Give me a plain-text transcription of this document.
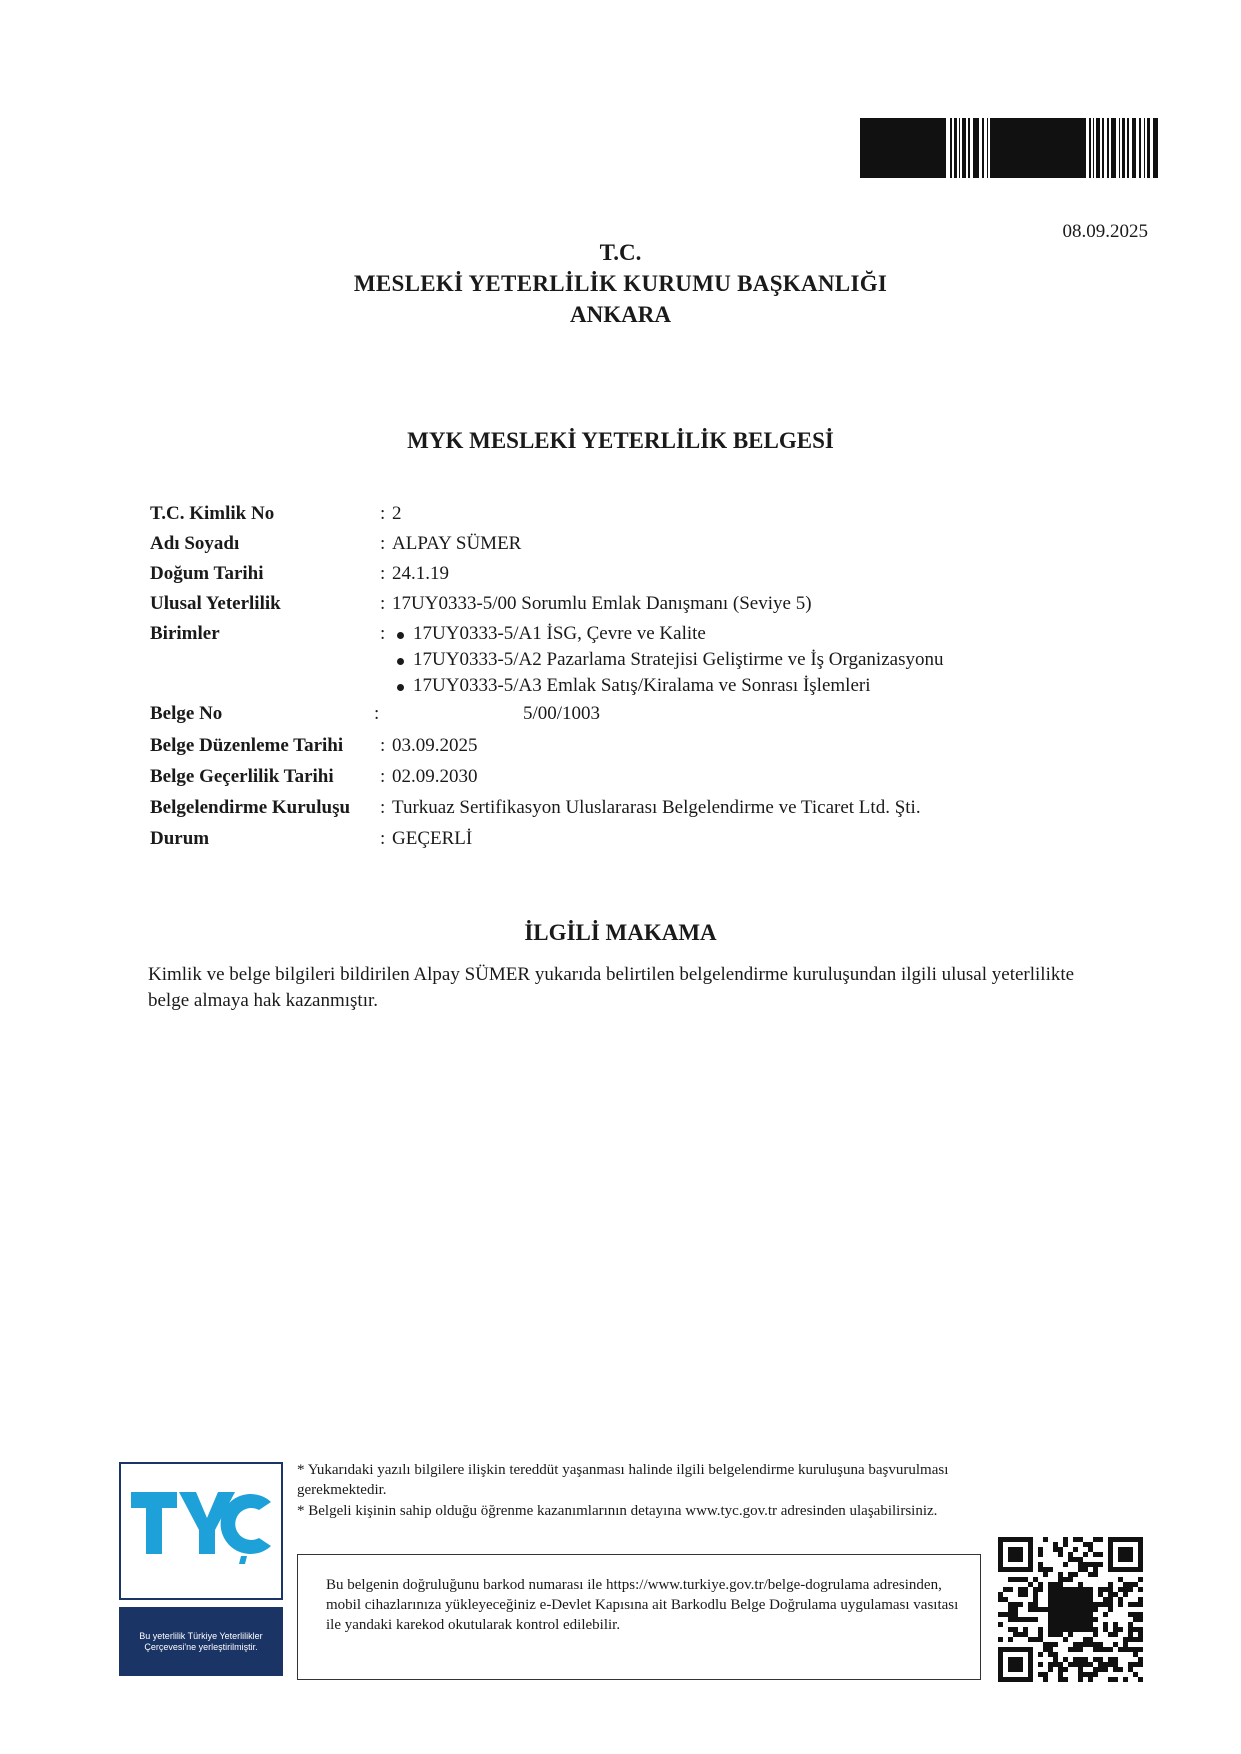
08.09.2025
T.C.
MESLEKİ YETERLİLİK KURUMU BAŞKANLIĞI
ANKARA
MYK MESLEKİ YETERLİLİK BELGESİ
T.C. Kimlik No	: 2
Adı Soyadı	: ALPAY SÜMER
Doğum Tarihi	: 24.1.19
Ulusal Yeterlilik	: 17UY0333-5/00 Sorumlu Emlak Danışmanı (Seviye 5)
Birimler	:	17UY0333-5/A1 İSG, Çevre ve Kalite
17UY0333-5/A2 Pazarlama Stratejisi Geliştirme ve İş Organizasyonu
17UY0333-5/A3 Emlak Satış/Kiralama ve Sonrası İşlemleri
Belge No	:	5/00/1003
Belge Düzenleme Tarihi : 03.09.2025
Belge Geçerlilik Tarihi : 02.09.2030
Belgelendirme Kuruluşu : Turkuaz Sertifikasyon Uluslararası Belgelendirme ve Ticaret Ltd. Şti.
Durum	: GEÇERLİ
İLGİLİ MAKAMA
Kimlik ve belge bilgileri bildirilen Alpay SÜMER yukarıda belirtilen belgelendirme kuruluşundan ilgili ulusal yeterlilikte belge almaya hak kazanmıştır.
Bu yeterlilik Türkiye Yeterlilikler Çerçevesi'ne yerleştirilmiştir.
* Yukarıdaki yazılı bilgilere ilişkin tereddüt yaşanması halinde ilgili belgelendirme kuruluşuna başvurulması gerekmektedir.
* Belgeli kişinin sahip olduğu öğrenme kazanımlarının detayına www.tyc.gov.tr adresinden ulaşabilirsiniz.
Bu belgenin doğruluğunu barkod numarası ile https://www.turkiye.gov.tr/belge-dogrulama adresinden, mobil cihazlarınıza yükleyeceğiniz e-Devlet Kapısına ait Barkodlu Belge Doğrulama uygulaması vasıtası ile yandaki karekod okutularak kontrol edilebilir.
